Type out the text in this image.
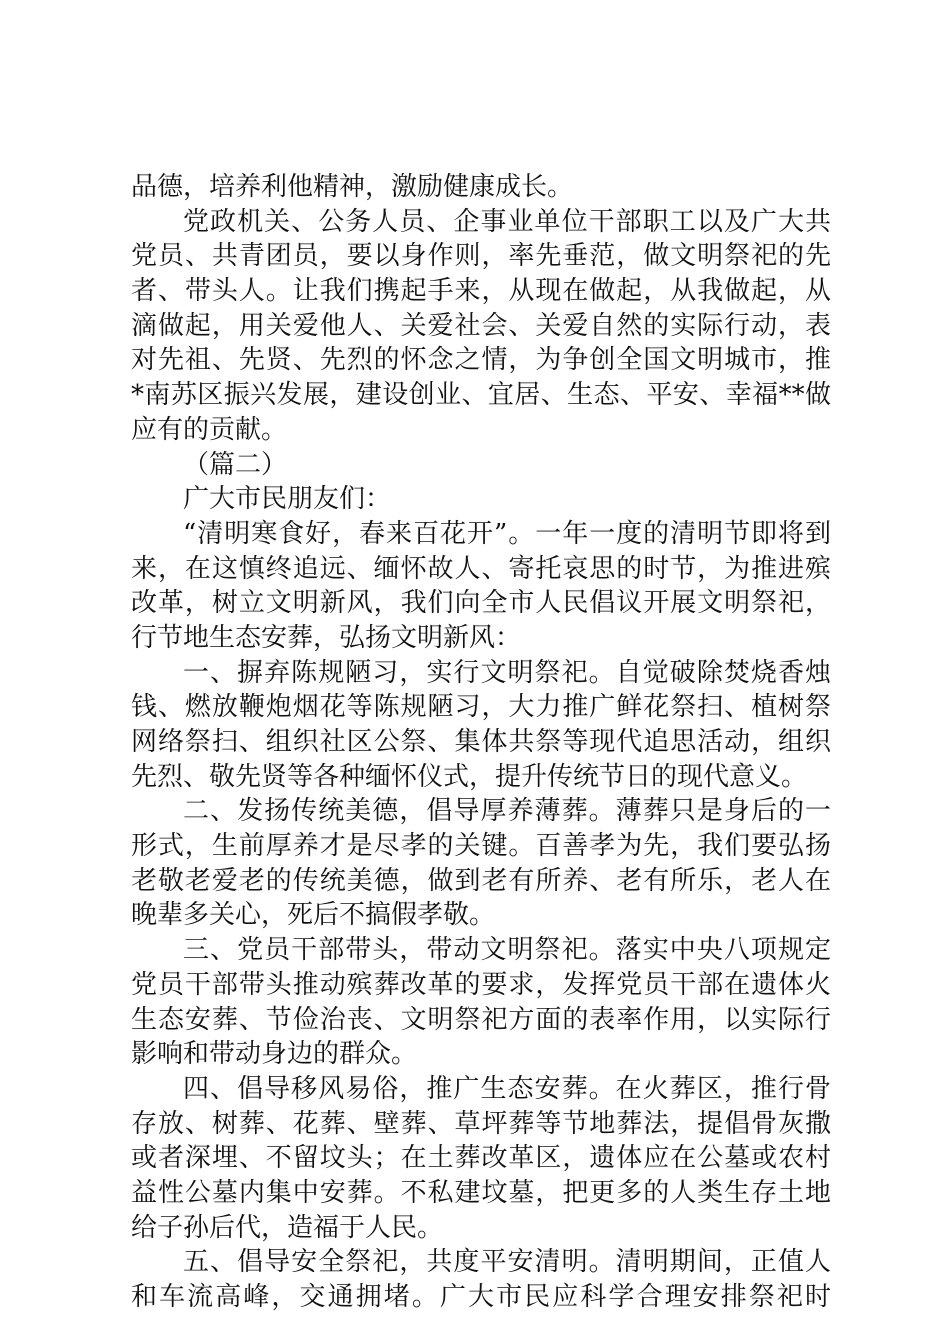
品德，培养利他精神，激励健康成长。
党政机关、公务人员、企事业单位干部职工以及广大共
党员、共青团员，要以身作则，率先垂范，做文明祭祀的先
者、带头人。让我们携起手来，从现在做起，从我做起，从
滴做起，用关爱他人、关爱社会、关爱自然的实际行动，表
对先祖、先贤、先烈的怀念之情，为争创全国文明城市，推
*南苏区振兴发展，建设创业、宜居、生态、平安、幸福**做
应有的贡献。
（篇二）
广大市民朋友们：
“清明寒食好，春来百花开”。一年一度的清明节即将到
来，在这慎终追远、缅怀故人、寄托哀思的时节，为推进殡
改革，树立文明新风，我们向全市人民倡议开展文明祭祀，
行节地生态安葬，弘扬文明新风：
一、摒弃陈规陋习，实行文明祭祀。自觉破除焚烧香烛
钱、燃放鞭炮烟花等陈规陋习，大力推广鲜花祭扫、植树祭
网络祭扫、组织社区公祭、集体共祭等现代追思活动，组织
先烈、敬先贤等各种缅怀仪式，提升传统节日的现代意义。
二、发扬传统美德，倡导厚养薄葬。薄葬只是身后的一
形式，生前厚养才是尽孝的关键。百善孝为先，我们要弘扬
老敬老爱老的传统美德，做到老有所养、老有所乐，老人在
晚辈多关心，死后不搞假孝敬。
三、党员干部带头，带动文明祭祀。落实中央八项规定
党员干部带头推动殡葬改革的要求，发挥党员干部在遗体火
生态安葬、节俭治丧、文明祭祀方面的表率作用，以实际行
影响和带动身边的群众。
四、倡导移风易俗，推广生态安葬。在火葬区，推行骨
存放、树葬、花葬、壁葬、草坪葬等节地葬法，提倡骨灰撒
或者深埋、不留坟头；在土葬改革区，遗体应在公墓或农村
益性公墓内集中安葬。不私建坟墓，把更多的人类生存土地
给子孙后代，造福于人民。
五、倡导安全祭祀，共度平安清明。清明期间，正值人
和车流高峰，交通拥堵。广大市民应科学合理安排祭祀时
